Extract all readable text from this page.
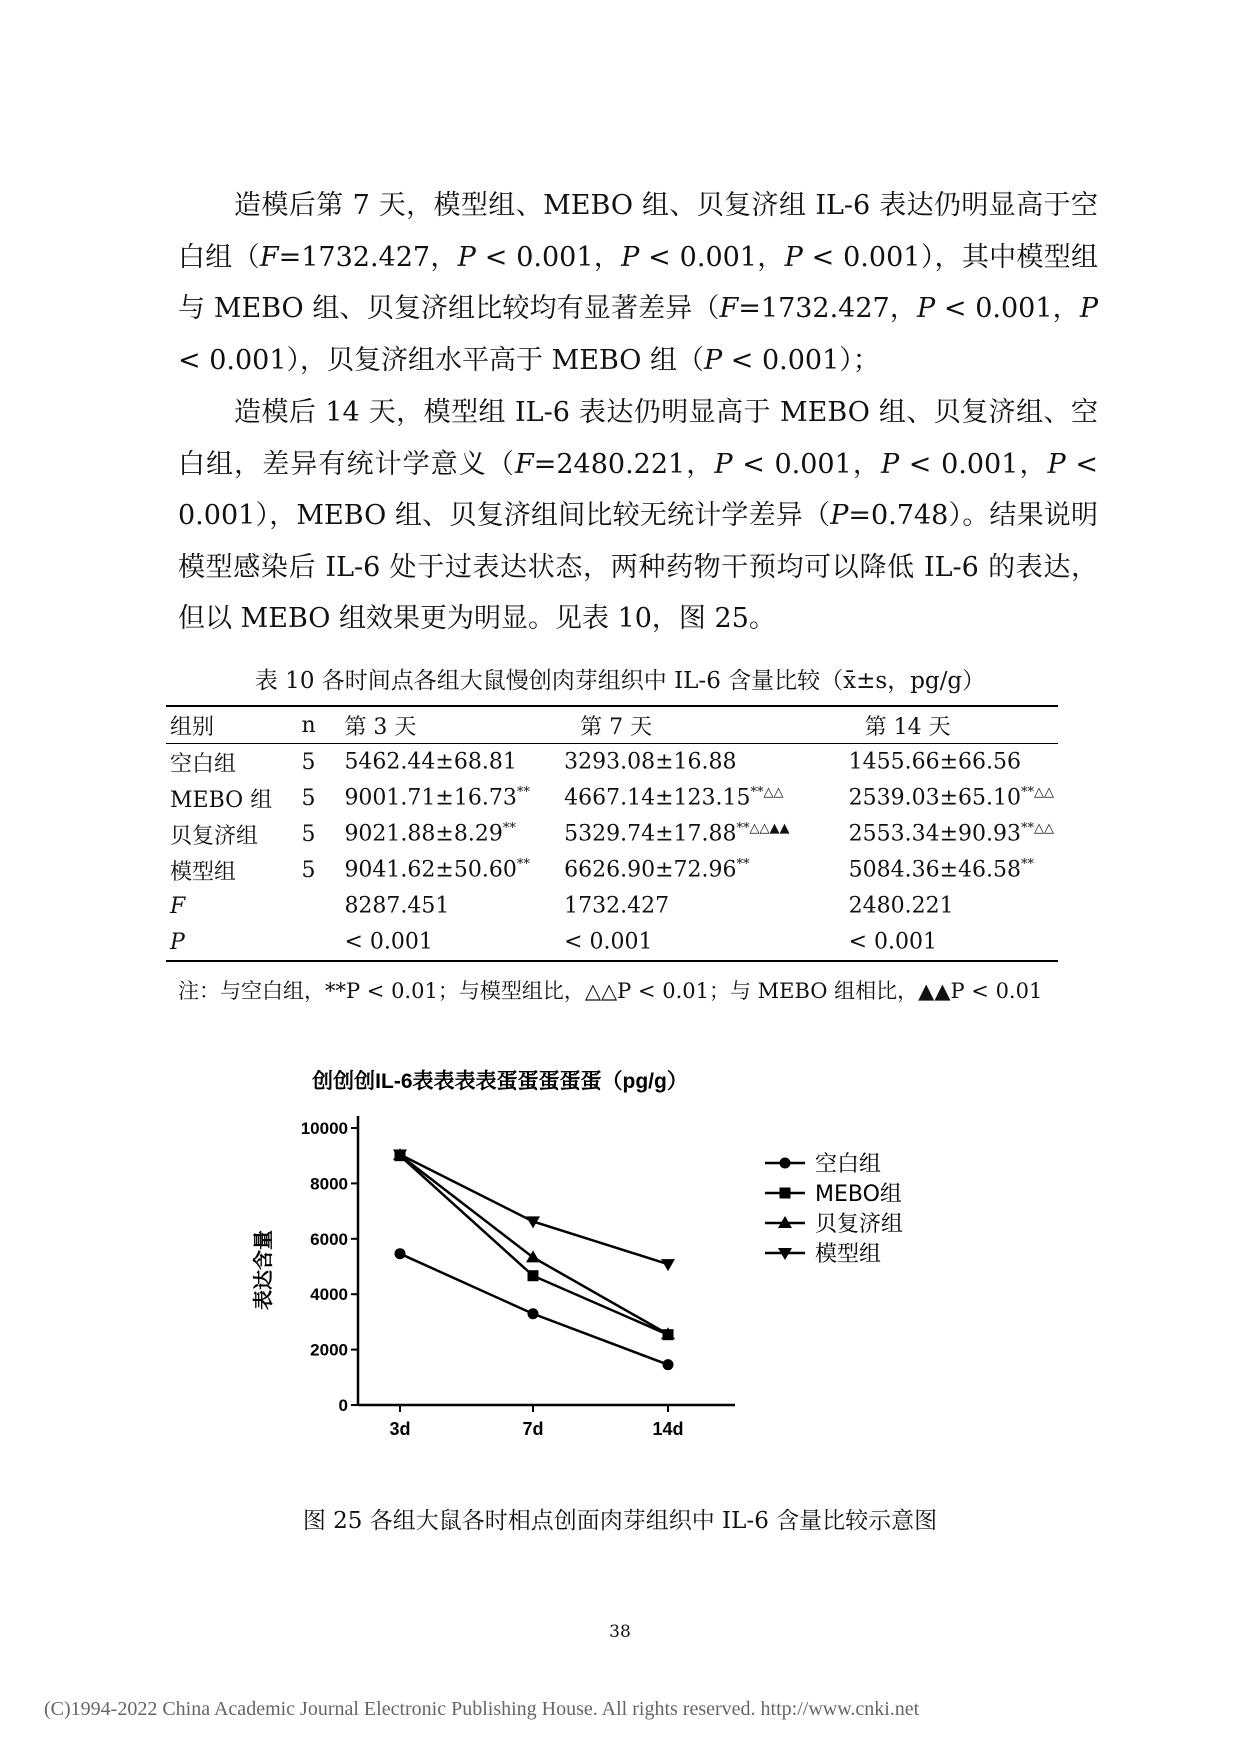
造模后第 7 天，模型组、MEBO 组、贝复济组 IL-6 表达仍明显高于空白组（F=1732.427，P < 0.001，P < 0.001，P < 0.001），其中模型组与 MEBO 组、贝复济组比较均有显著差异（F=1732.427，P < 0.001，P < 0.001），贝复济组水平高于 MEBO 组（P < 0.001）；

造模后 14 天，模型组 IL-6 表达仍明显高于 MEBO 组、贝复济组、空白组，差异有统计学意义（F=2480.221，P < 0.001，P < 0.001，P < 0.001），MEBO 组、贝复济组间比较无统计学差异（P=0.748）。结果说明模型感染后 IL-6 处于过表达状态，两种药物干预均可以降低 IL-6 的表达，但以 MEBO 组效果更为明显。见表 10，图 25。

表 10 各时间点各组大鼠慢创肉芽组织中 IL-6 含量比较（x̄±s，pg/g）
组别	n	第 3 天	第 7 天	第 14 天
空白组	5	5462.44±68.81	3293.08±16.88	1455.66±66.56
MEBO 组	5	9001.71±16.73**	4667.14±123.15**△△	2539.03±65.10**△△
贝复济组	5	9021.88±8.29**	5329.74±17.88**△△▲▲	2553.34±90.93**△△
模型组	5	9041.62±50.60**	6626.90±72.96**	5084.36±46.58**
F		8287.451	1732.427	2480.221
P		< 0.001	< 0.001	< 0.001
注：与空白组，**P < 0.01；与模型组比，△△P < 0.01；与 MEBO 组相比，▲▲P < 0.01
创创创IL-6表表表表蛋蛋蛋蛋蛋（pg/g）
0
2000
4000
6000
8000
10000
3d	7d	14d
表达含量
空白组
MEBO组
贝复济组
模型组
图 25 各组大鼠各时相点创面肉芽组织中 IL-6 含量比较示意图
38
(C)1994-2022 China Academic Journal Electronic Publishing House. All rights reserved. http://www.cnki.net
